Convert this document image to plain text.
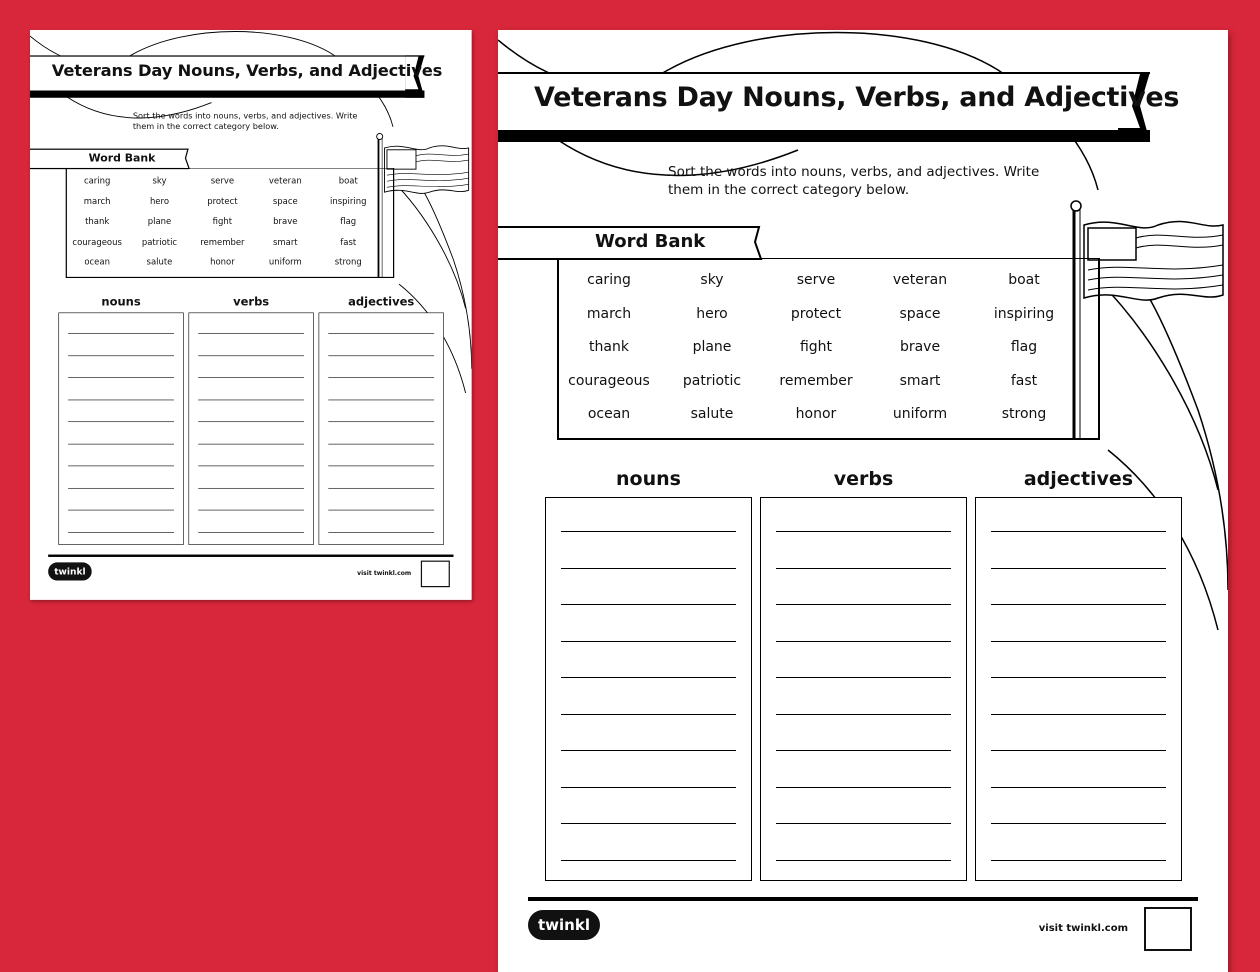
Veterans Day Nouns, Verbs, and Adjectives
Sort the words into nouns, verbs, and adjectives. Write them in the correct category below.
Word Bank
caring	sky	serve	veteran	boat
march	hero	protect	space	inspiring
thank	plane	fight	brave	flag
courageous	patriotic	remember	smart	fast
ocean	salute	honor	uniform	strong
nouns	verbs	adjectives
twinkl	visit twinkl.com
Veterans Day Nouns, Verbs, and Adjectives
Sort the words into nouns, verbs, and adjectives. Write them in the correct category below.
Word Bank
caring	sky	serve	veteran	boat
march	hero	protect	space	inspiring
thank	plane	fight	brave	flag
courageous	patriotic	remember	smart	fast
ocean	salute	honor	uniform	strong
nouns	verbs	adjectives
twinkl	visit twinkl.com
